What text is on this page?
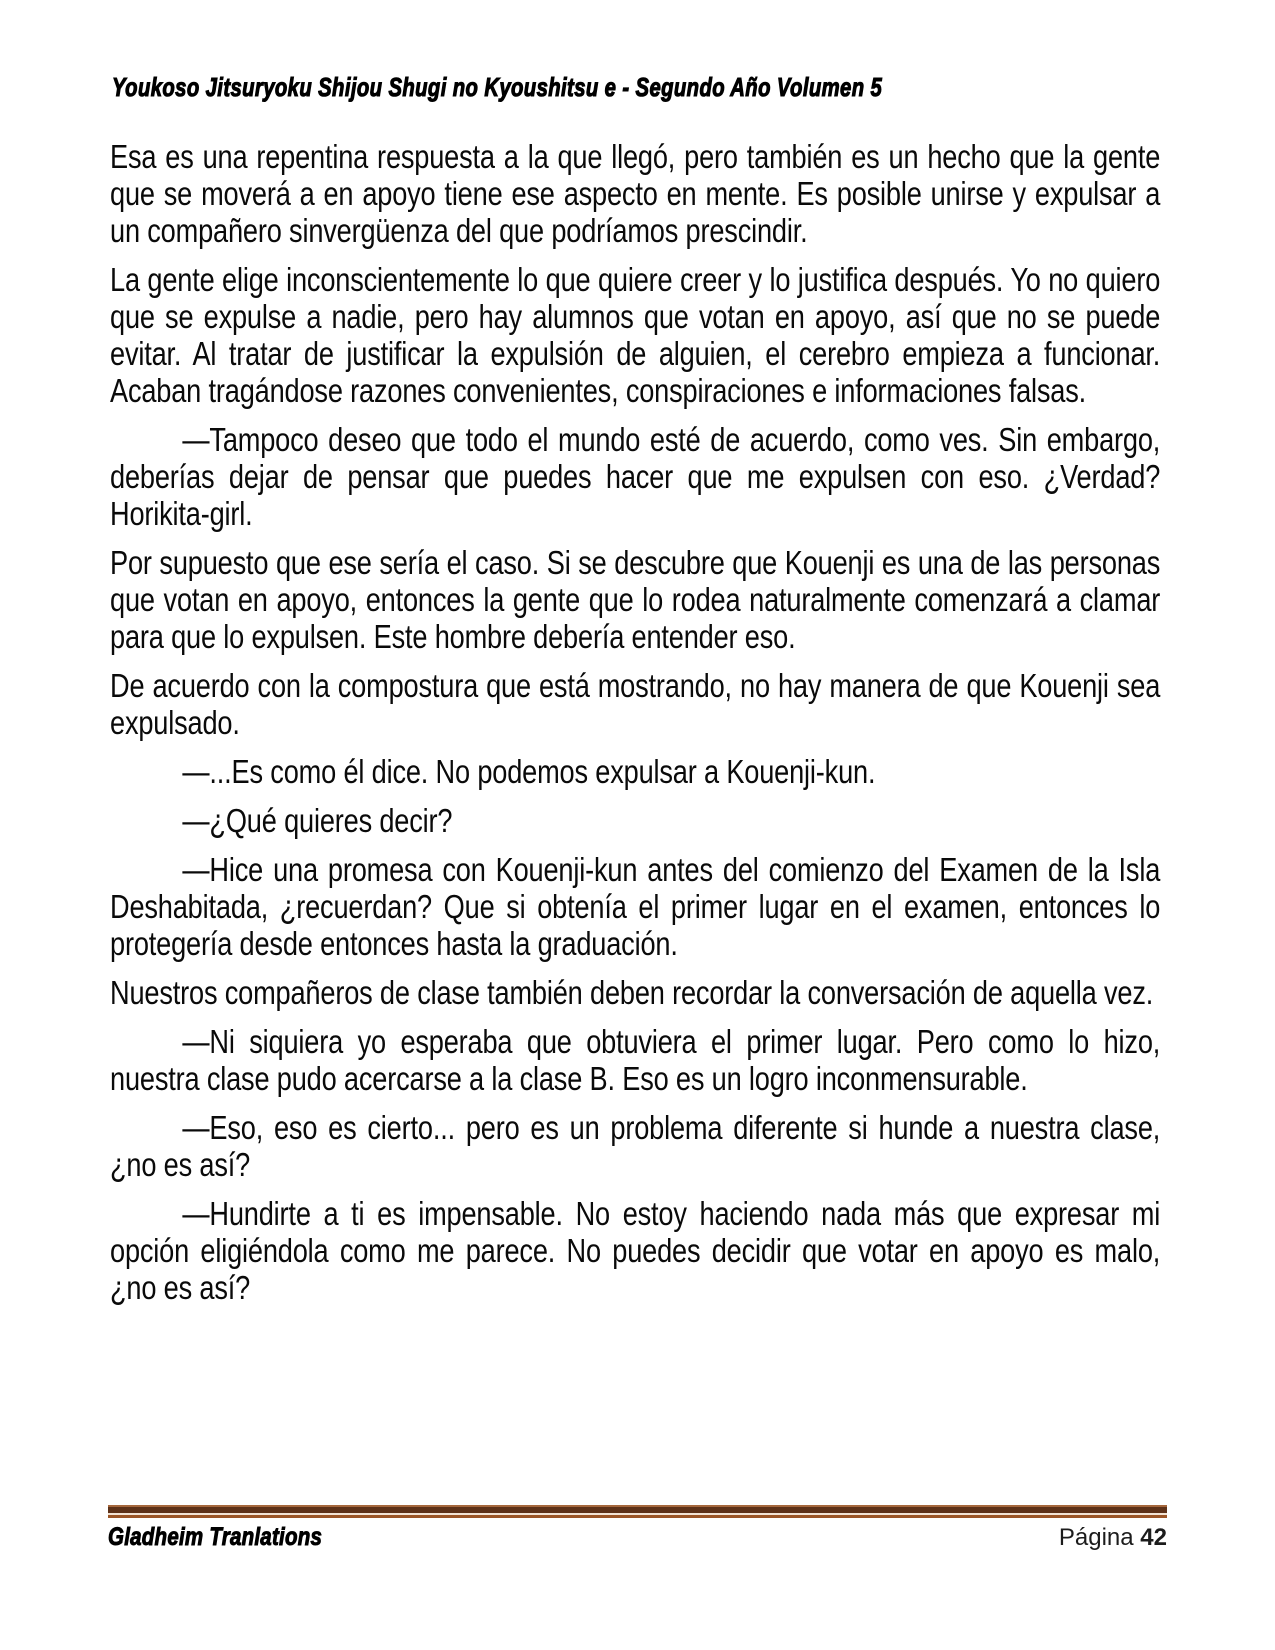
Youkoso Jitsuryoku Shijou Shugi no Kyoushitsu e - Segundo Año Volumen 5

Esa es una repentina respuesta a la que llegó, pero también es un hecho que la gente que se moverá a en apoyo tiene ese aspecto en mente. Es posible unirse y expulsar a un compañero sinvergüenza del que podríamos prescindir.

La gente elige inconscientemente lo que quiere creer y lo justifica después. Yo no quiero que se expulse a nadie, pero hay alumnos que votan en apoyo, así que no se puede evitar. Al tratar de justificar la expulsión de alguien, el cerebro empieza a funcionar. Acaban tragándose razones convenientes, conspiraciones e informaciones falsas.

—Tampoco deseo que todo el mundo esté de acuerdo, como ves. Sin embargo, deberías dejar de pensar que puedes hacer que me expulsen con eso. ¿Verdad? Horikita-girl.

Por supuesto que ese sería el caso. Si se descubre que Kouenji es una de las personas que votan en apoyo, entonces la gente que lo rodea naturalmente comenzará a clamar para que lo expulsen. Este hombre debería entender eso.

De acuerdo con la compostura que está mostrando, no hay manera de que Kouenji sea expulsado.

—...Es como él dice. No podemos expulsar a Kouenji-kun.

—¿Qué quieres decir?

—Hice una promesa con Kouenji-kun antes del comienzo del Examen de la Isla Deshabitada, ¿recuerdan? Que si obtenía el primer lugar en el examen, entonces lo protegería desde entonces hasta la graduación.

Nuestros compañeros de clase también deben recordar la conversación de aquella vez.

—Ni siquiera yo esperaba que obtuviera el primer lugar. Pero como lo hizo, nuestra clase pudo acercarse a la clase B. Eso es un logro inconmensurable.

—Eso, eso es cierto... pero es un problema diferente si hunde a nuestra clase, ¿no es así?

—Hundirte a ti es impensable. No estoy haciendo nada más que expresar mi opción eligiéndola como me parece. No puedes decidir que votar en apoyo es malo, ¿no es así?

Gladheim Tranlations	Página 42
